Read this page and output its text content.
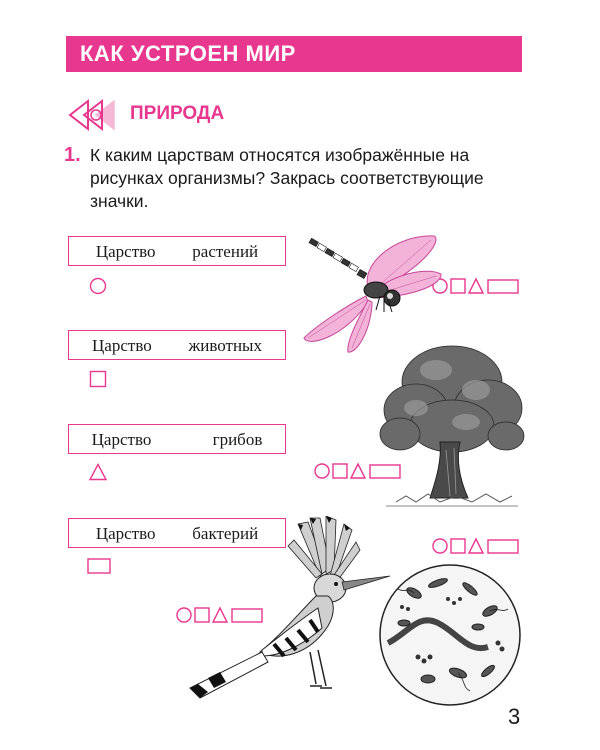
КАК УСТРОЕН МИР
ПРИРОДА
1. К каким царствам относятся изображённые на
рисунках организмы? Закрась соответствующие
значки.
Царство   растений
Царство   животных
Царство     грибов
Царство   бактерий
3
